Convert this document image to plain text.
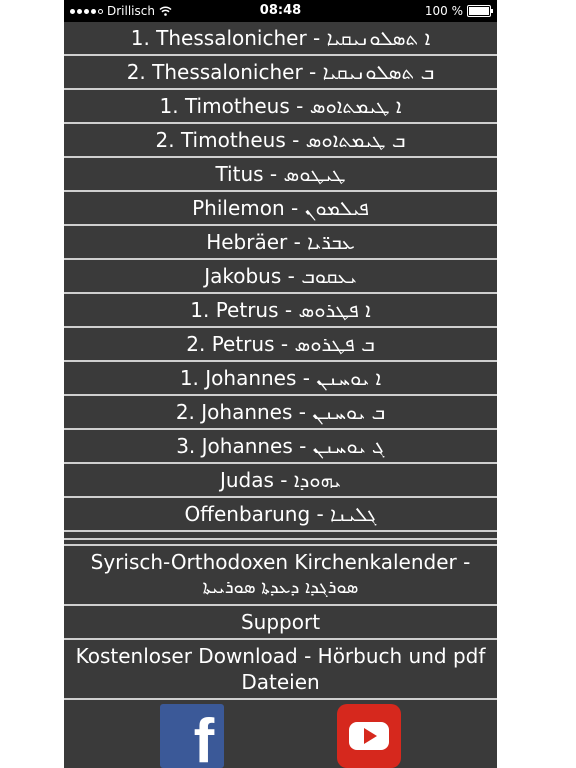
Drillisch	08:48	100 %
1. Thessalonicher - ܐ ܬܣܠܘܢܝܩܝܐ
2. Thessalonicher - ܒ ܬܣܠܘܢܝܩܝܐ
1. Timotheus - ܐ ܛܝܡܬܐܘܣ
2. Timotheus - ܒ ܛܝܡܬܐܘܣ
Titus - ܛܝܛܘܣ
Philemon - ܦܝܠܡܘܢ
Hebräer - ܥܒܪ̈ܝܐ
Jakobus - ܝܥܩܘܒ
1. Petrus - ܐ ܦܛܪܘܣ
2. Petrus - ܒ ܦܛܪܘܣ
1. Johannes - ܐ ܝܘܚܢܢ
2. Johannes - ܒ ܝܘܚܢܢ
3. Johannes - ܓ ܝܘܚܢܢ
Judas - ܝܗܘܕܐ
Offenbarung - ܓܠܝܢܐ
Syrisch-Orthodoxen Kirchenkalender -
ܣܘܪܓܕܐ ܕܥܕܬܐ ܣܘܪܝܝܬܐ
Support
Kostenloser Download - Hörbuch und pdf Dateien
f
